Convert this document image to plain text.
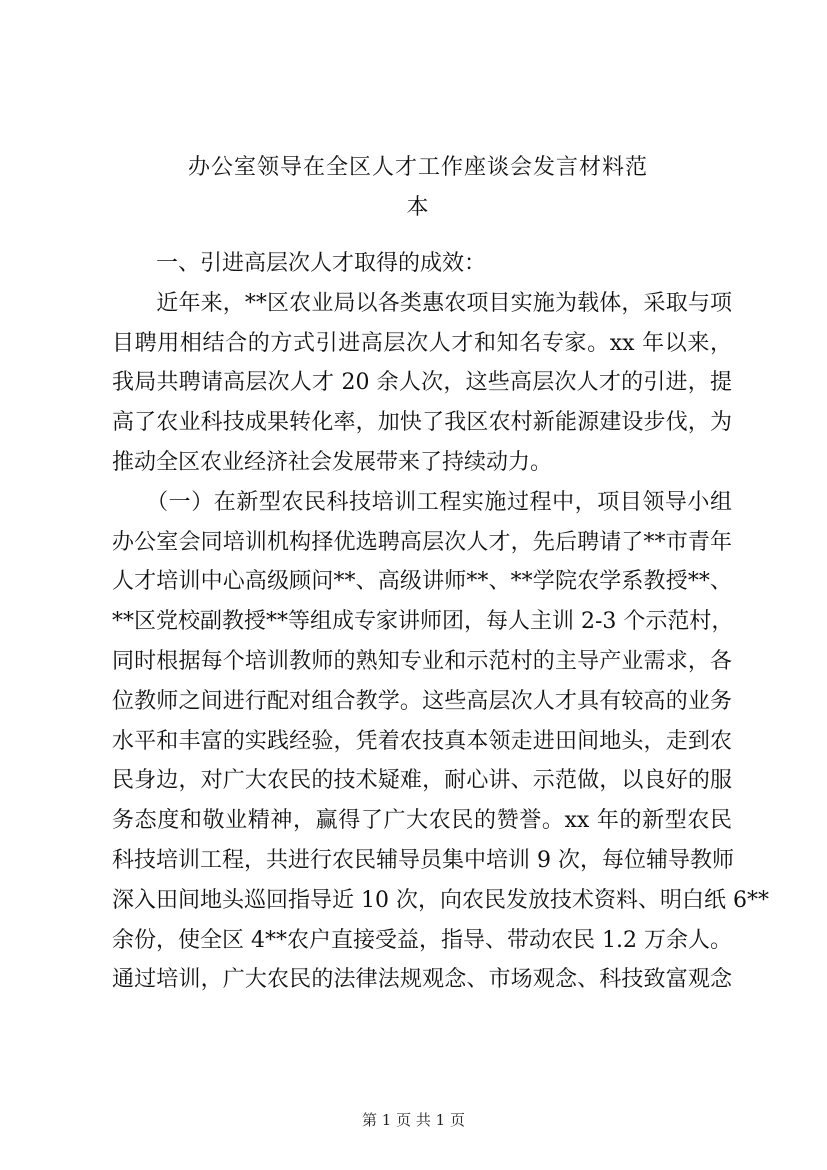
办公室领导在全区人才工作座谈会发言材料范
本
　　一、引进高层次人才取得的成效：
　　近年来，**区农业局以各类惠农项目实施为载体，采取与项
目聘用相结合的方式引进高层次人才和知名专家。xx 年以来，
我局共聘请高层次人才 20 余人次，这些高层次人才的引进，提
高了农业科技成果转化率，加快了我区农村新能源建设步伐，为
推动全区农业经济社会发展带来了持续动力。
　　（一）在新型农民科技培训工程实施过程中，项目领导小组
办公室会同培训机构择优选聘高层次人才，先后聘请了**市青年
人才培训中心高级顾问**、高级讲师**、**学院农学系教授**、
**区党校副教授**等组成专家讲师团，每人主训 2-3 个示范村，
同时根据每个培训教师的熟知专业和示范村的主导产业需求，各
位教师之间进行配对组合教学。这些高层次人才具有较高的业务
水平和丰富的实践经验，凭着农技真本领走进田间地头，走到农
民身边，对广大农民的技术疑难，耐心讲、示范做，以良好的服
务态度和敬业精神，赢得了广大农民的赞誉。xx 年的新型农民
科技培训工程，共进行农民辅导员集中培训 9 次，每位辅导教师
深入田间地头巡回指导近 10 次，向农民发放技术资料、明白纸 6**
余份，使全区 4**农户直接受益，指导、带动农民 1.2 万余人。
通过培训，广大农民的法律法规观念、市场观念、科技致富观念
第 1 页 共 1 页
